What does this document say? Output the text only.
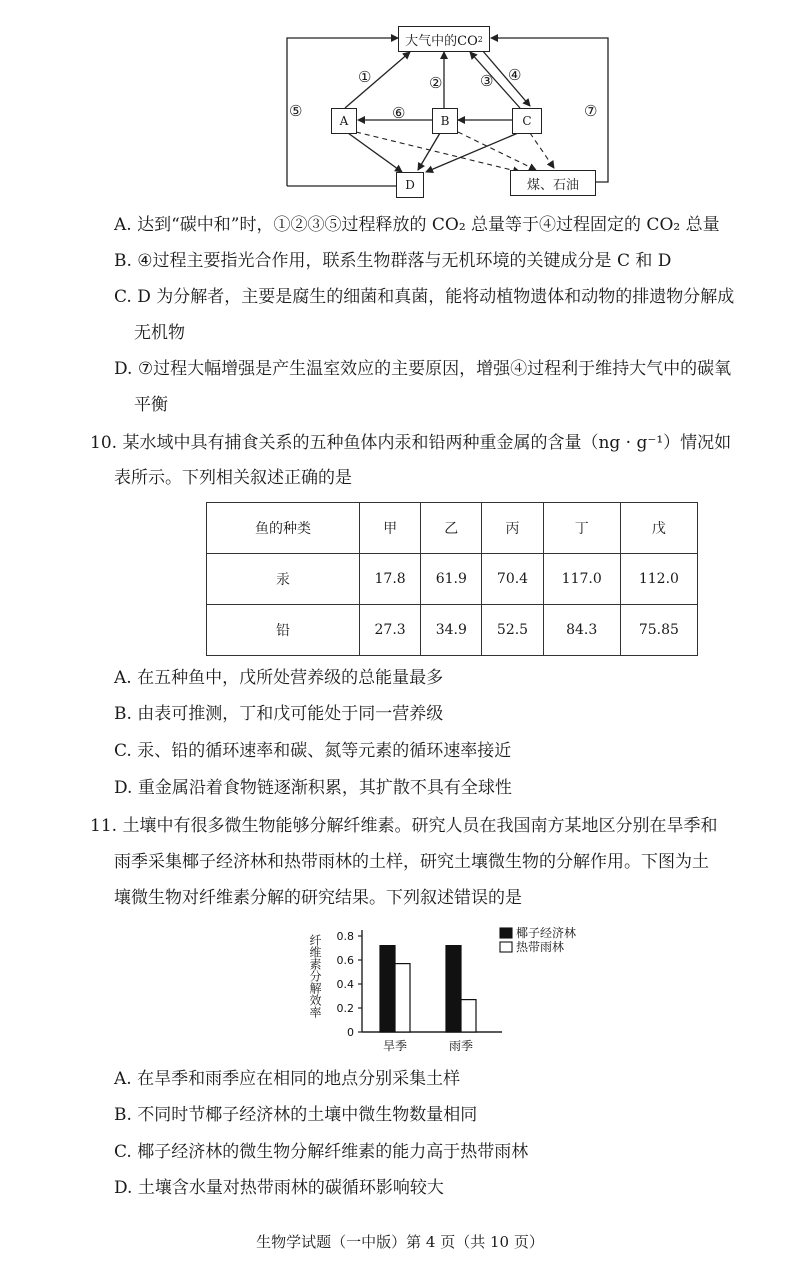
大气中的CO 2
A	B	C
D	煤、石油
①	②	③ ④
⑤	⑥	⑦
A. 达到“碳中和”时，①②③⑤过程释放的 CO₂ 总量等于④过程固定的 CO₂ 总量
B. ④过程主要指光合作用，联系生物群落与无机环境的关键成分是 C 和 D
C. D 为分解者，主要是腐生的细菌和真菌，能将动植物遗体和动物的排遗物分解成
无机物
D. ⑦过程大幅增强是产生温室效应的主要原因，增强④过程利于维持大气中的碳氧
平衡
10. 某水域中具有捕食关系的五种鱼体内汞和铅两种重金属的含量（ng · g⁻¹）情况如
表所示。下列相关叙述正确的是
鱼的种类	甲	乙	丙	丁	戊
汞	17.8	61.9	70.4	117.0	112.0
铅	27.3	34.9	52.5	84.3	75.85
A. 在五种鱼中，戊所处营养级的总能量最多
B. 由表可推测，丁和戊可能处于同一营养级
C. 汞、铅的循环速率和碳、氮等元素的循环速率接近
D. 重金属沿着食物链逐渐积累，其扩散不具有全球性
11. 土壤中有很多微生物能够分解纤维素。研究人员在我国南方某地区分别在旱季和
雨季采集椰子经济林和热带雨林的土样，研究土壤微生物的分解作用。下图为土
壤微生物对纤维素分解的研究结果。下列叙述错误的是
0
0.2
0.4
0.6
0.8
旱季	雨季
椰子经济林
热带雨林
纤维素分解效率
A. 在旱季和雨季应在相同的地点分别采集土样
B. 不同时节椰子经济林的土壤中微生物数量相同
C. 椰子经济林的微生物分解纤维素的能力高于热带雨林
D. 土壤含水量对热带雨林的碳循环影响较大
生物学试题（一中版）第 4 页（共 10 页）
